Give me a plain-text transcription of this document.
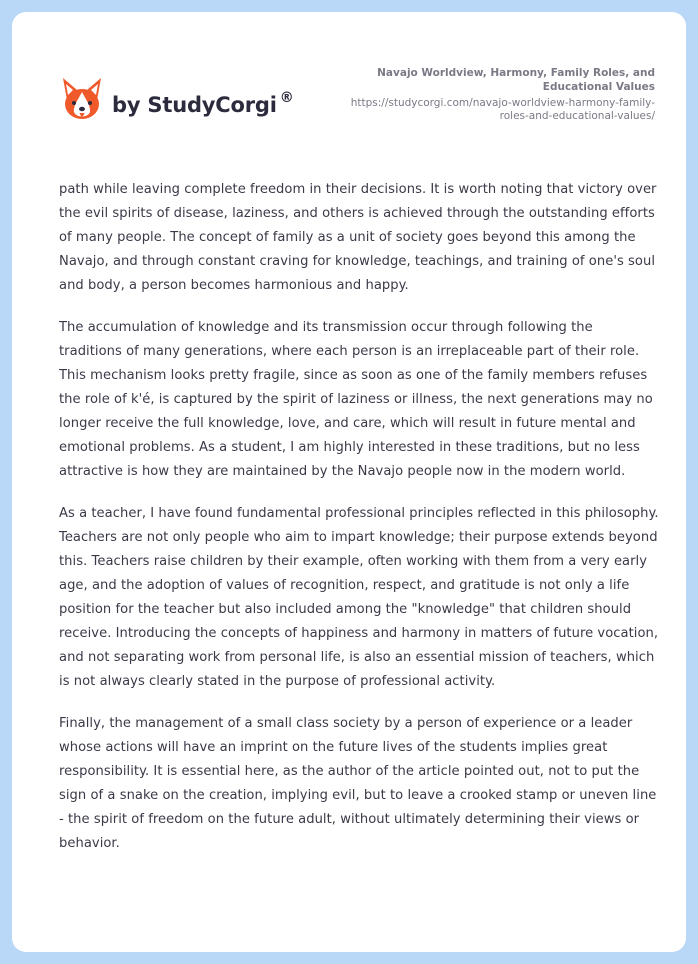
by StudyCorgi ®
Navajo Worldview, Harmony, Family Roles, and
Educational Values
https://studycorgi.com/navajo-worldview-harmony-family-
roles-and-educational-values/

path while leaving complete freedom in their decisions. It is worth noting that victory over the evil spirits of disease, laziness, and others is achieved through the outstanding efforts of many people. The concept of family as a unit of society goes beyond this among the Navajo, and through constant craving for knowledge, teachings, and training of one's soul and body, a person becomes harmonious and happy.

The accumulation of knowledge and its transmission occur through following the traditions of many generations, where each person is an irreplaceable part of their role. This mechanism looks pretty fragile, since as soon as one of the family members refuses the role of k'é, is captured by the spirit of laziness or illness, the next generations may no longer receive the full knowledge, love, and care, which will result in future mental and emotional problems. As a student, I am highly interested in these traditions, but no less attractive is how they are maintained by the Navajo people now in the modern world.

As a teacher, I have found fundamental professional principles reflected in this philosophy. Teachers are not only people who aim to impart knowledge; their purpose extends beyond this. Teachers raise children by their example, often working with them from a very early age, and the adoption of values of recognition, respect, and gratitude is not only a life position for the teacher but also included among the "knowledge" that children should receive. Introducing the concepts of happiness and harmony in matters of future vocation, and not separating work from personal life, is also an essential mission of teachers, which is not always clearly stated in the purpose of professional activity.

Finally, the management of a small class society by a person of experience or a leader whose actions will have an imprint on the future lives of the students implies great responsibility. It is essential here, as the author of the article pointed out, not to put the sign of a snake on the creation, implying evil, but to leave a crooked stamp or uneven line - the spirit of freedom on the future adult, without ultimately determining their views or behavior.
